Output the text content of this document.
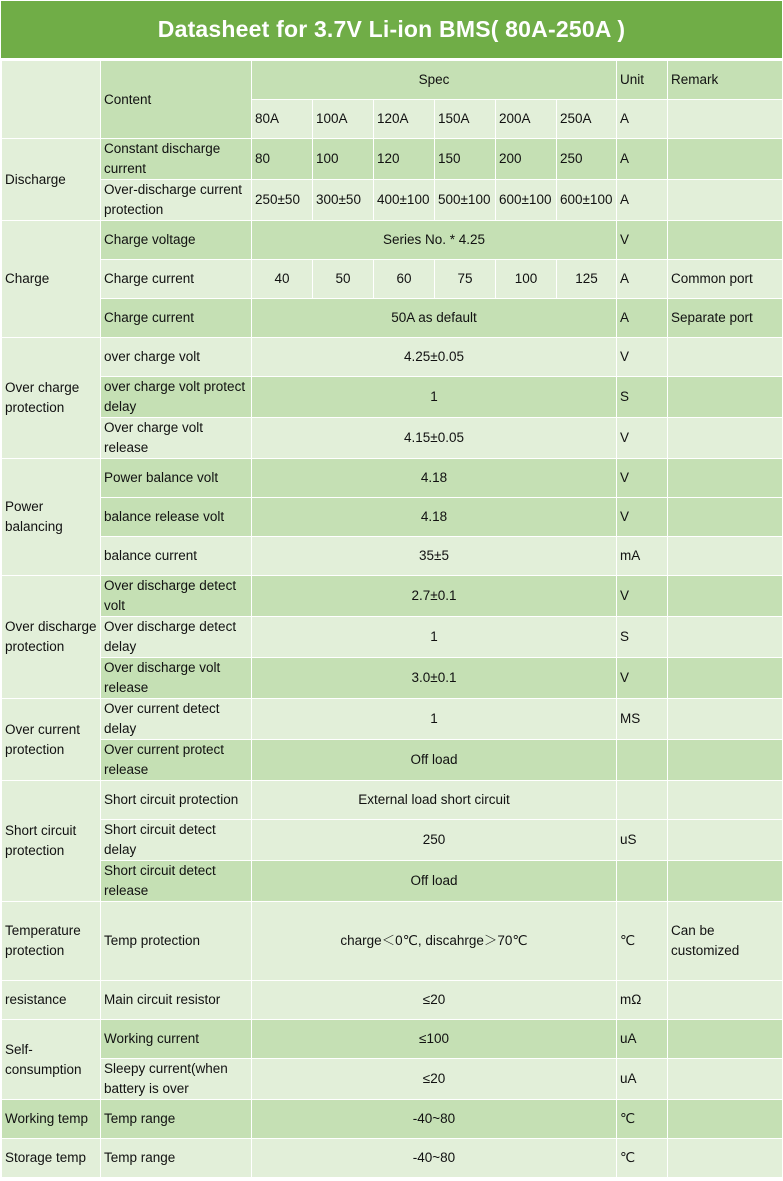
Datasheet for 3.7V Li-ion BMS( 80A-250A )
	Content	Spec						Unit	Remark
		80A	100A	120A	150A	200A	250A	A	
Discharge	Constant discharge current	80	100	120	150	200	250	A	
	Over-discharge current protection	250±50	300±50	400±100	500±100	600±100	600±100	A	
Charge	Charge voltage	Series No. * 4.25						V	
	Charge current	40	50	60	75	100	125	A	Common port
	Charge current	50A as default						A	Separate port
Over charge protection	over charge volt	4.25±0.05						V	
	over charge volt protect delay	1						S	
	Over charge volt release	4.15±0.05						V	
Power balancing	Power balance volt	4.18						V	
	balance release volt	4.18						V	
	balance current	35±5						mA	
Over discharge protection	Over discharge detect volt	2.7±0.1						V	
	Over discharge detect delay	1						S	
	Over discharge volt release	3.0±0.1						V	
Over current protection	Over current detect delay	1						MS	
	Over current protect release	Off load							
Short circuit protection	Short circuit protection	External load short circuit							
	Short circuit detect delay	250						uS	
	Short circuit detect release	Off load							
Temperature protection	Temp protection	charge＜0℃, discahrge＞70℃						℃	Can be customized
resistance	Main circuit resistor	≤20						mΩ	
Self-consumption	Working current	≤100						uA	
	Sleepy current(when battery is over	≤20						uA	
Working temp	Temp range	-40~80						℃	
Storage temp	Temp range	-40~80						℃	
